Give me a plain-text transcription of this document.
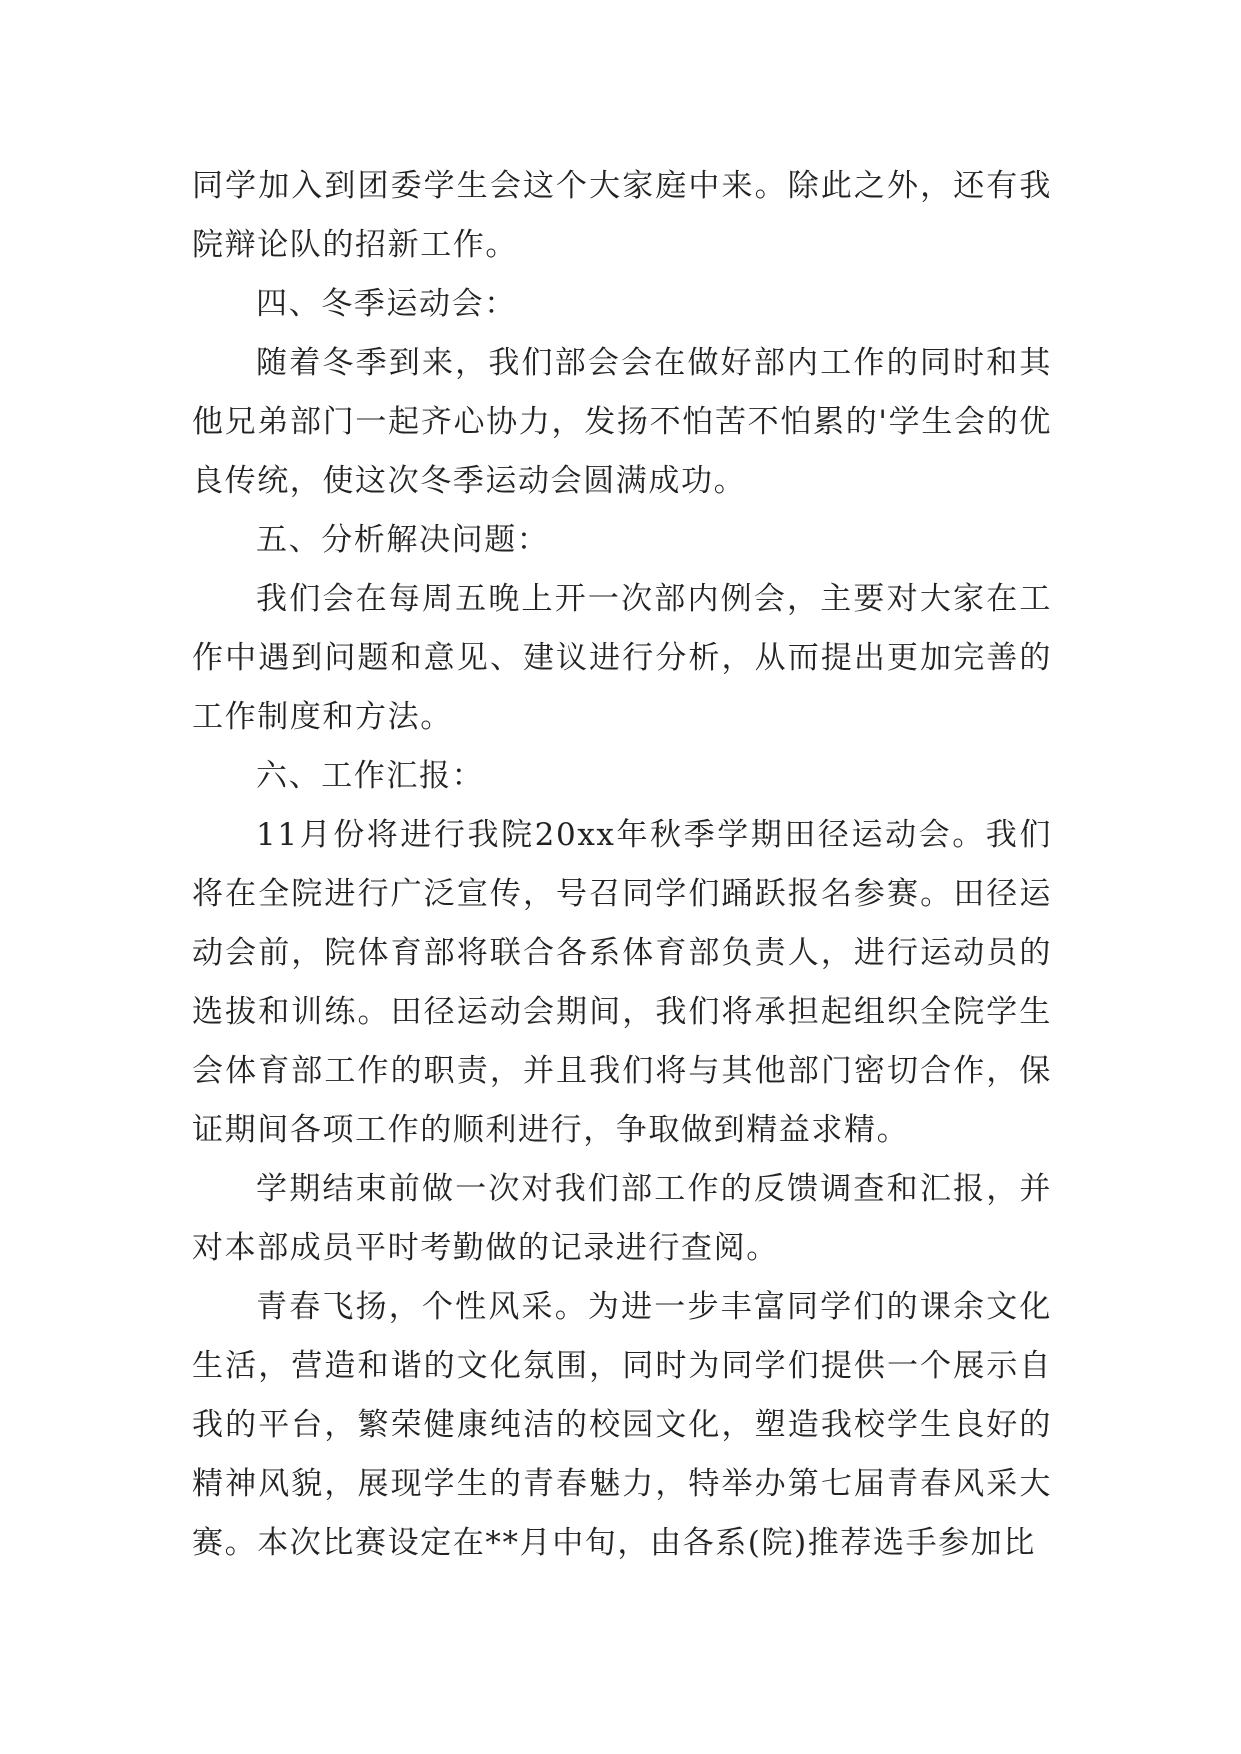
同学加入到团委学生会这个大家庭中来。除此之外，还有我院辩论队的招新工作。

四、冬季运动会：

随着冬季到来，我们部会会在做好部内工作的同时和其他兄弟部门一起齐心协力，发扬不怕苦不怕累的'学生会的优良传统，使这次冬季运动会圆满成功。

五、分析解决问题：

我们会在每周五晚上开一次部内例会，主要对大家在工作中遇到问题和意见、建议进行分析，从而提出更加完善的工作制度和方法。

六、工作汇报：

11月份将进行我院20xx年秋季学期田径运动会。我们将在全院进行广泛宣传，号召同学们踊跃报名参赛。田径运动会前，院体育部将联合各系体育部负责人，进行运动员的选拔和训练。田径运动会期间，我们将承担起组织全院学生会体育部工作的职责，并且我们将与其他部门密切合作，保证期间各项工作的顺利进行，争取做到精益求精。

学期结束前做一次对我们部工作的反馈调查和汇报，并对本部成员平时考勤做的记录进行查阅。

青春飞扬，个性风采。为进一步丰富同学们的课余文化生活，营造和谐的文化氛围，同时为同学们提供一个展示自我的平台，繁荣健康纯洁的校园文化，塑造我校学生良好的精神风貌，展现学生的青春魅力，特举办第七届青春风采大赛。本次比赛设定在**月中旬，由各系(院)推荐选手参加比
